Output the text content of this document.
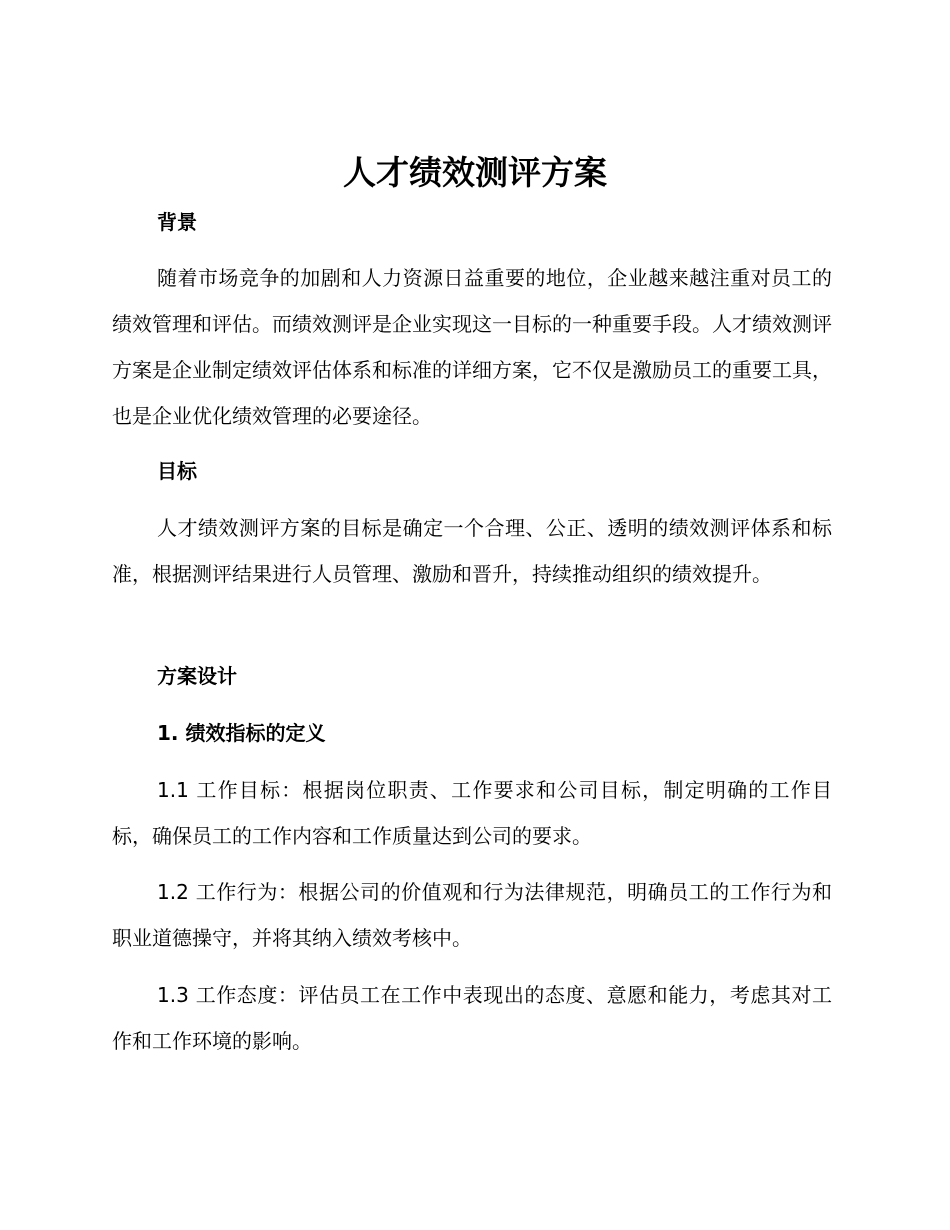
人才绩效测评方案
背景

随着市场竞争的加剧和人力资源日益重要的地位，企业越来越注重对员工的绩效管理和评估。而绩效测评是企业实现这一目标的一种重要手段。人才绩效测评方案是企业制定绩效评估体系和标准的详细方案，它不仅是激励员工的重要工具，也是企业优化绩效管理的必要途径。

目标

人才绩效测评方案的目标是确定一个合理、公正、透明的绩效测评体系和标准，根据测评结果进行人员管理、激励和晋升，持续推动组织的绩效提升。

方案设计
1. 绩效指标的定义

1.1 工作目标：根据岗位职责、工作要求和公司目标，制定明确的工作目标，确保员工的工作内容和工作质量达到公司的要求。

1.2 工作行为：根据公司的价值观和行为法律规范，明确员工的工作行为和职业道德操守，并将其纳入绩效考核中。

1.3 工作态度：评估员工在工作中表现出的态度、意愿和能力，考虑其对工作和工作环境的影响。
